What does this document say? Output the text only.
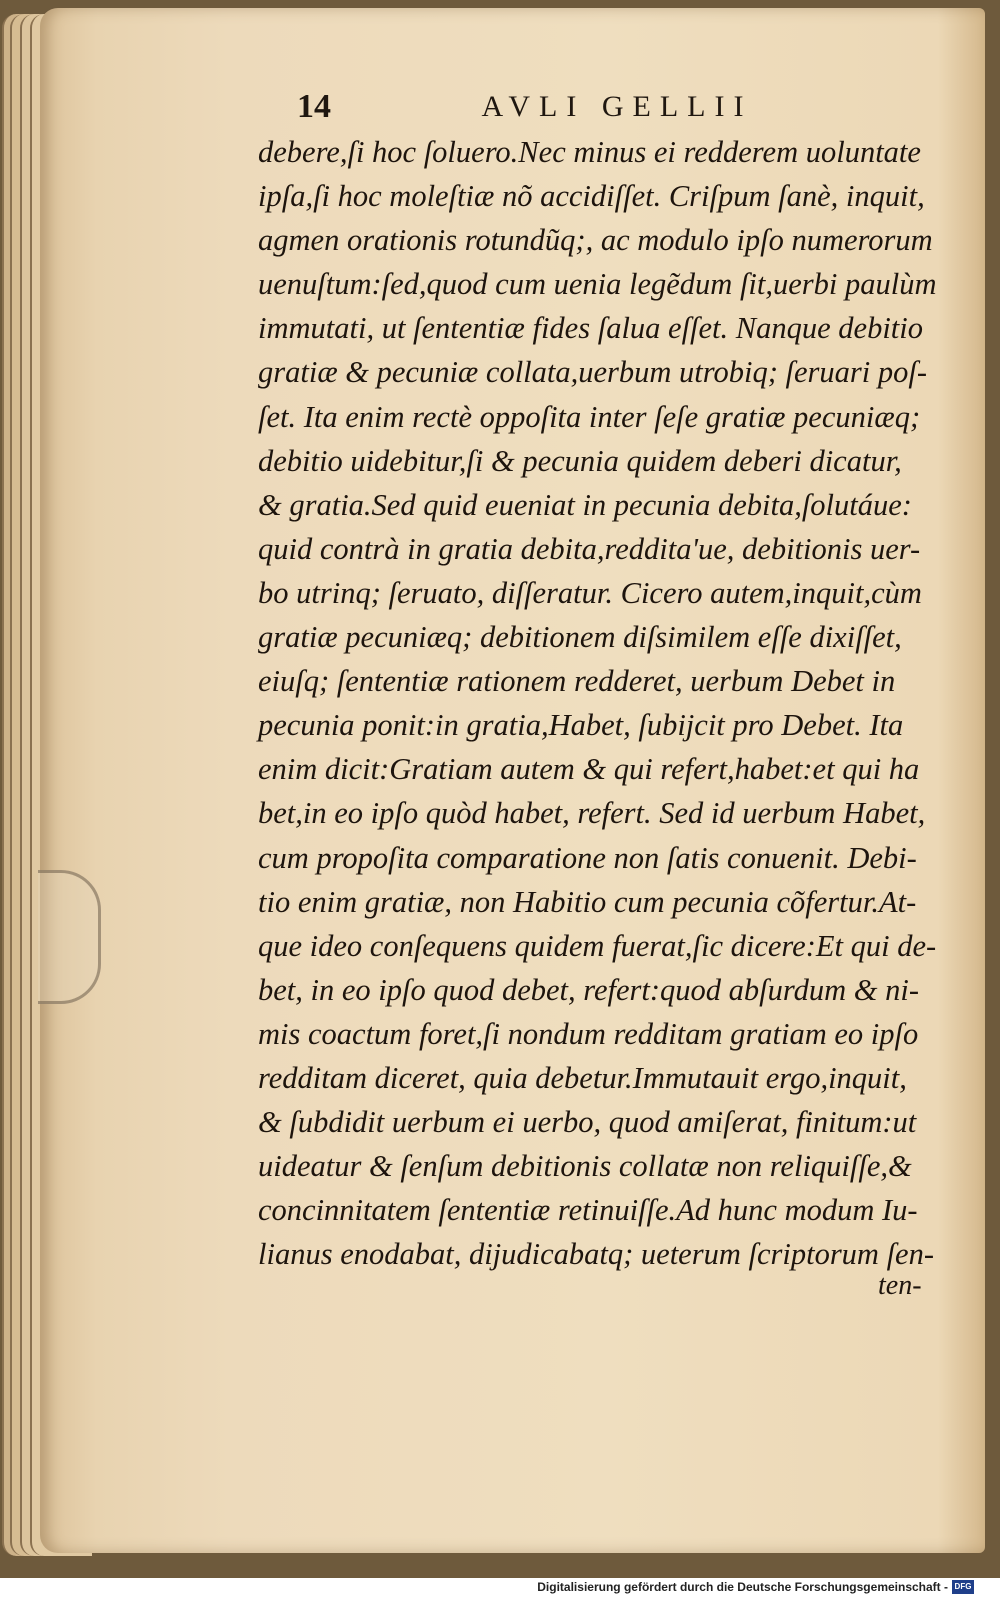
14	AVLI GELLII
debere,ſi hoc ſoluero.Nec minus ei redderem uoluntate
ipſa,ſi hoc moleſtiæ nõ accidiſſet. Criſpum ſanè, inquit,
agmen orationis rotundũq;, ac modulo ipſo numerorum
uenuſtum:ſed,quod cum uenia legẽdum ſit,uerbi paulùm
immutati, ut ſententiæ fides ſalua eſſet. Nanque debitio
gratiæ & pecuniæ collata,uerbum utrobiq; ſeruari poſ-
ſet. Ita enim rectè oppoſita inter ſeſe gratiæ pecuniæq;
debitio uidebitur,ſi & pecunia quidem deberi dicatur,
& gratia.Sed quid eueniat in pecunia debita,ſolutáue:
quid contrà in gratia debita,reddita'ue, debitionis uer-
bo utrinq; ſeruato, diſſeratur. Cicero autem,inquit,cùm
gratiæ pecuniæq; debitionem diſsimilem eſſe dixiſſet,
eiuſq; ſententiæ rationem redderet, uerbum Debet in
pecunia ponit:in gratia,Habet, ſubijcit pro Debet. Ita
enim dicit:Gratiam autem & qui refert,habet:et qui ha
bet,in eo ipſo quòd habet, refert. Sed id uerbum Habet,
cum propoſita comparatione non ſatis conuenit. Debi-
tio enim gratiæ, non Habitio cum pecunia cõfertur.At-
que ideo conſequens quidem fuerat,ſic dicere:Et qui de-
bet, in eo ipſo quod debet, refert:quod abſurdum & ni-
mis coactum foret,ſi nondum redditam gratiam eo ipſo
redditam diceret, quia debetur.Immutauit ergo,inquit,
& ſubdidit uerbum ei uerbo, quod amiſerat, finitum:ut
uideatur & ſenſum debitionis collatæ non reliquiſſe,&
concinnitatem ſententiæ retinuiſſe.Ad hunc modum Iu-
lianus enodabat, dijudicabatq; ueterum ſcriptorum ſen-
ten-
Digitalisierung gefördert durch die Deutsche Forschungsgemeinschaft - DFG
